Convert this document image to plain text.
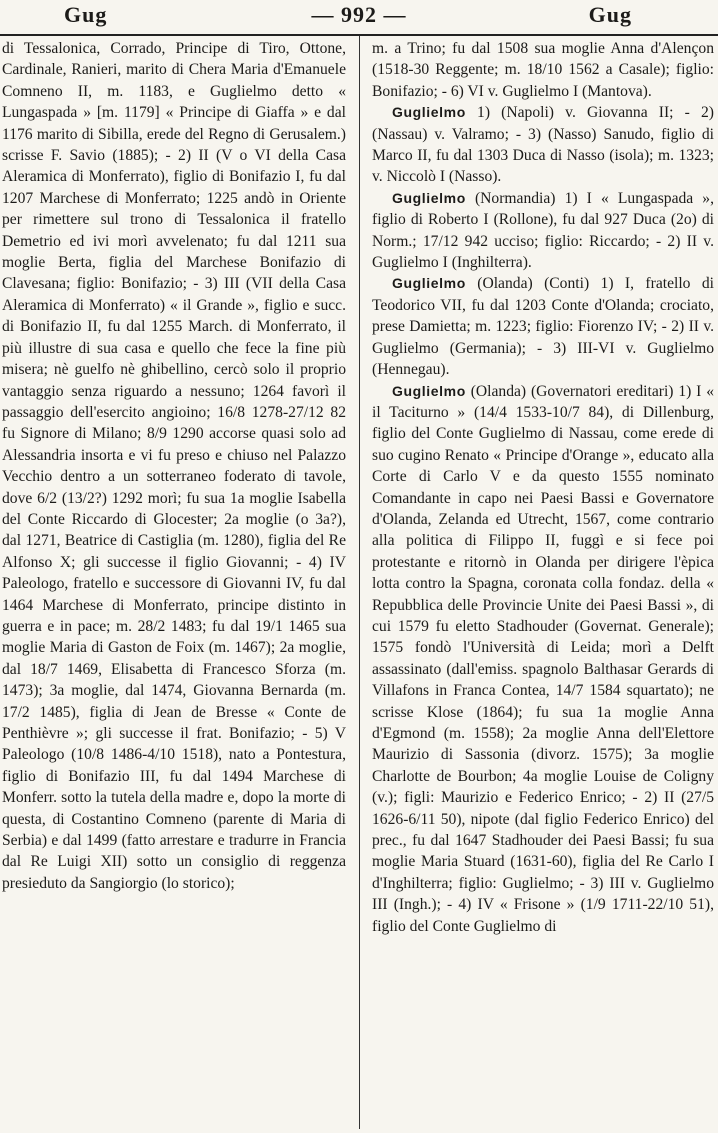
Gug	— 992 —	Gug

di Tessalonica, Corrado, Principe di Tiro, Ottone, Cardinale, Ranieri, marito di Chera Maria d'Emanuele Comneno II, m. 1183, e Guglielmo detto « Lungaspada » [m. 1179] « Principe di Giaffa » e dal 1176 marito di Sibilla, erede del Regno di Gerusalem.) scrisse F. Savio (1885); - 2) II (V o VI della Casa Aleramica di Monferrato), figlio di Bonifazio I, fu dal 1207 Marchese di Monferrato; 1225 andò in Oriente per rimettere sul trono di Tessalonica il fratello Demetrio ed ivi morì avvelenato; fu dal 1211 sua moglie Berta, figlia del Marchese Bonifazio di Clavesana; figlio: Bonifazio; - 3) III (VII della Casa Aleramica di Monferrato) « il Grande », figlio e succ. di Bonifazio II, fu dal 1255 March. di Monferrato, il più illustre di sua casa e quello che fece la fine più misera; nè guelfo nè ghibellino, cercò solo il proprio vantaggio senza riguardo a nessuno; 1264 favorì il passaggio dell'esercito angioino; 16/8 1278-27/12 82 fu Signore di Milano; 8/9 1290 accorse quasi solo ad Alessandria insorta e vi fu preso e chiuso nel Palazzo Vecchio dentro a un sotterraneo foderato di tavole, dove 6/2 (13/2?) 1292 morì; fu sua 1a moglie Isabella del Conte Riccardo di Glocester; 2a moglie (o 3a?), dal 1271, Beatrice di Castiglia (m. 1280), figlia del Re Alfonso X; gli successe il figlio Giovanni; - 4) IV Paleologo, fratello e successore di Giovanni IV, fu dal 1464 Marchese di Monferrato, principe distinto in guerra e in pace; m. 28/2 1483; fu dal 19/1 1465 sua moglie Maria di Gaston de Foix (m. 1467); 2a moglie, dal 18/7 1469, Elisabetta di Francesco Sforza (m. 1473); 3a moglie, dal 1474, Giovanna Bernarda (m. 17/2 1485), figlia di Jean de Bresse « Conte de Penthièvre »; gli successe il frat. Bonifazio; - 5) V Paleologo (10/8 1486-4/10 1518), nato a Pontestura, figlio di Bonifazio III, fu dal 1494 Marchese di Monferr. sotto la tutela della madre e, dopo la morte di questa, di Costantino Comneno (parente di Maria di Serbia) e dal 1499 (fatto arrestare e tradurre in Francia dal Re Luigi XII) sotto un consiglio di reggenza presieduto da Sangiorgio (lo storico);

m. a Trino; fu dal 1508 sua moglie Anna d'Alençon (1518-30 Reggente; m. 18/10 1562 a Casale); figlio: Bonifazio; - 6) VI v. Guglielmo I (Mantova).

Guglielmo 1) (Napoli) v. Giovanna II; - 2) (Nassau) v. Valramo; - 3) (Nasso) Sanudo, figlio di Marco II, fu dal 1303 Duca di Nasso (isola); m. 1323; v. Niccolò I (Nasso).

Guglielmo (Normandia) 1) I « Lungaspada », figlio di Roberto I (Rollone), fu dal 927 Duca (2o) di Norm.; 17/12 942 ucciso; figlio: Riccardo; - 2) II v. Guglielmo I (Inghilterra).

Guglielmo (Olanda) (Conti) 1) I, fratello di Teodorico VII, fu dal 1203 Conte d'Olanda; crociato, prese Damietta; m. 1223; figlio: Fiorenzo IV; - 2) II v. Guglielmo (Germania); - 3) III-VI v. Guglielmo (Hennegau).

Guglielmo (Olanda) (Governatori ereditari) 1) I « il Taciturno » (14/4 1533-10/7 84), di Dillenburg, figlio del Conte Guglielmo di Nassau, come erede di suo cugino Renato « Principe d'Orange », educato alla Corte di Carlo V e da questo 1555 nominato Comandante in capo nei Paesi Bassi e Governatore d'Olanda, Zelanda ed Utrecht, 1567, come contrario alla politica di Filippo II, fuggì e si fece poi protestante e ritornò in Olanda per dirigere l'èpica lotta contro la Spagna, coronata colla fondaz. della « Repubblica delle Provincie Unite dei Paesi Bassi », di cui 1579 fu eletto Stadhouder (Governat. Generale); 1575 fondò l'Università di Leida; morì a Delft assassinato (dall'emiss. spagnolo Balthasar Gerards di Villafons in Franca Contea, 14/7 1584 squartato); ne scrisse Klose (1864); fu sua 1a moglie Anna d'Egmond (m. 1558); 2a moglie Anna dell'Elettore Maurizio di Sassonia (divorz. 1575); 3a moglie Charlotte de Bourbon; 4a moglie Louise de Coligny (v.); figli: Maurizio e Federico Enrico; - 2) II (27/5 1626-6/11 50), nipote (dal figlio Federico Enrico) del prec., fu dal 1647 Stadhouder dei Paesi Bassi; fu sua moglie Maria Stuard (1631-60), figlia del Re Carlo I d'Inghilterra; figlio: Guglielmo; - 3) III v. Guglielmo III (Ingh.); - 4) IV « Frisone » (1/9 1711-22/10 51), figlio del Conte Guglielmo di
